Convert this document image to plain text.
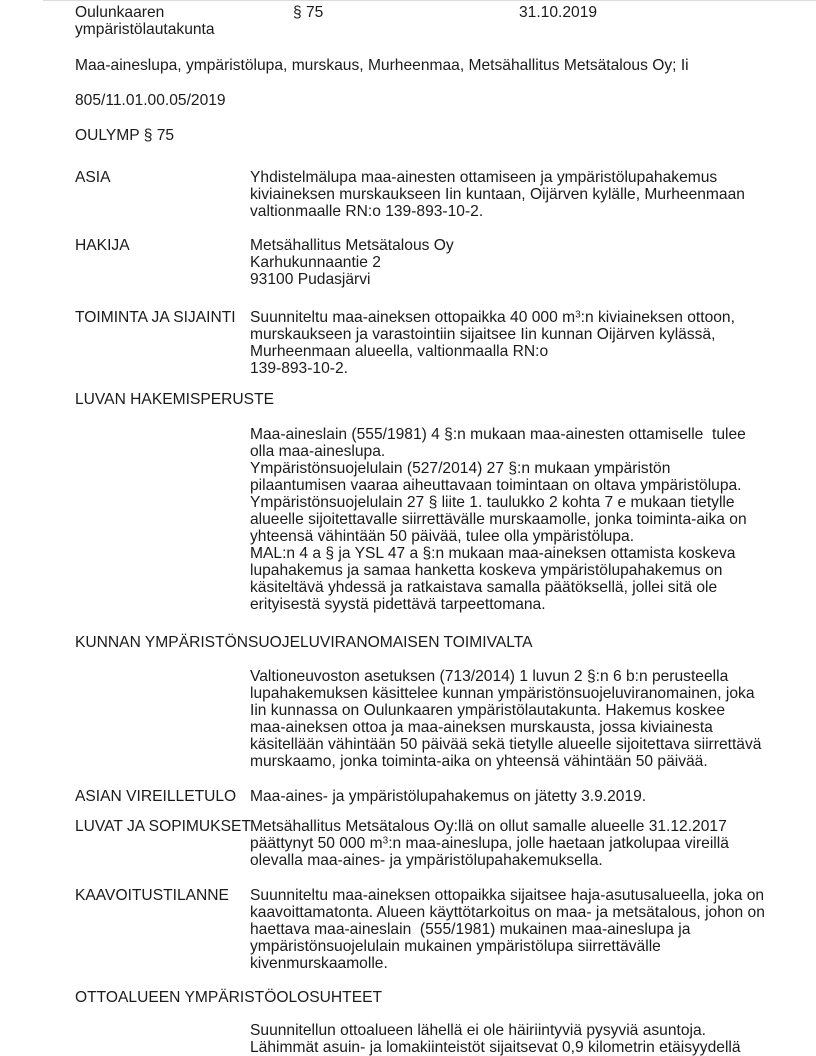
Oulunkaaren
ympäristölautakunta
§ 75	31.10.2019
Maa-aineslupa, ympäristölupa, murskaus, Murheenmaa, Metsähallitus Metsätalous Oy; Ii
805/11.01.00.05/2019
OULYMP § 75
ASIA	Yhdistelmälupa maa-ainesten ottamiseen ja ympäristölupahakemus
kiviaineksen murskaukseen Iin kuntaan, Oijärven kylälle, Murheenmaan
valtionmaalle RN:o 139-893-10-2.
HAKIJA	Metsähallitus Metsätalous Oy
Karhukunnaantie 2
93100 Pudasjärvi
TOIMINTA JA SIJAINTI Suunniteltu maa-aineksen ottopaikka 40 000 $m^3:n$ kiviaineksen ottoon,
murskaukseen ja varastointiin sijaitsee Iin kunnan Oijärven kylässä,
Murheenmaan alueella, valtionmaalla RN:o
139-893-10-2.
LUVAN HAKEMISPERUSTE
Maa-aineslain (555/1981) 4 §:n mukaan maa-ainesten ottamiselle  tulee
olla maa-aineslupa.
Ympäristönsuojelulain (527/2014) 27 §:n mukaan ympäristön
pilaantumisen vaaraa aiheuttavaan toimintaan on oltava ympäristölupa.
Ympäristönsuojelulain 27 § liite 1. taulukko 2 kohta 7 e mukaan tietylle
alueelle sijoitettavalle siirrettävälle murskaamolle, jonka toiminta-aika on
yhteensä vähintään 50 päivää, tulee olla ympäristölupa.
MAL:n 4 a § ja YSL 47 a §:n mukaan maa-aineksen ottamista koskeva
lupahakemus ja samaa hanketta koskeva ympäristölupahakemus on
käsiteltävä yhdessä ja ratkaistava samalla päätöksellä, jollei sitä ole
erityisestä syystä pidettävä tarpeettomana.
KUNNAN YMPÄRISTÖNSUOJELUVIRANOMAISEN TOIMIVALTA
Valtioneuvoston asetuksen (713/2014) 1 luvun 2 §:n 6 b:n perusteella
lupahakemuksen käsittelee kunnan ympäristönsuojeluviranomainen, joka
Iin kunnassa on Oulunkaaren ympäristölautakunta. Hakemus koskee
maa-aineksen ottoa ja maa-aineksen murskausta, jossa kiviainesta
käsitellään vähintään 50 päivää sekä tietylle alueelle sijoitettava siirrettävä
murskaamo, jonka toiminta-aika on yhteensä vähintään 50 päivää.
ASIAN VIREILLETULO Maa-aines- ja ympäristölupahakemus on jätetty 3.9.2019.
LUVAT JA SOPIMUKSET Metsähallitus Metsätalous Oy:llä on ollut samalle alueelle 31.12.2017
päättynyt 50 000 $m^3:n$ maa-aineslupa, jolle haetaan jatkolupaa vireillä
olevalla maa-aines- ja ympäristölupahakemuksella.
KAAVOITUSTILANNE Suunniteltu maa-aineksen ottopaikka sijaitsee haja-asutusalueella, joka on
kaavoittamatonta. Alueen käyttötarkoitus on maa- ja metsätalous, johon on
haettava maa-aineslain  (555/1981) mukainen maa-aineslupa ja
ympäristönsuojelulain mukainen ympäristölupa siirrettävälle
kivenmurskaamolle.
OTTOALUEEN YMPÄRISTÖOLOSUHTEET
Suunnitellun ottoalueen lähellä ei ole häiriintyviä pysyviä asuntoja.
Lähimmät asuin- ja lomakiinteistöt sijaitsevat 0,9 kilometrin etäisyydellä
